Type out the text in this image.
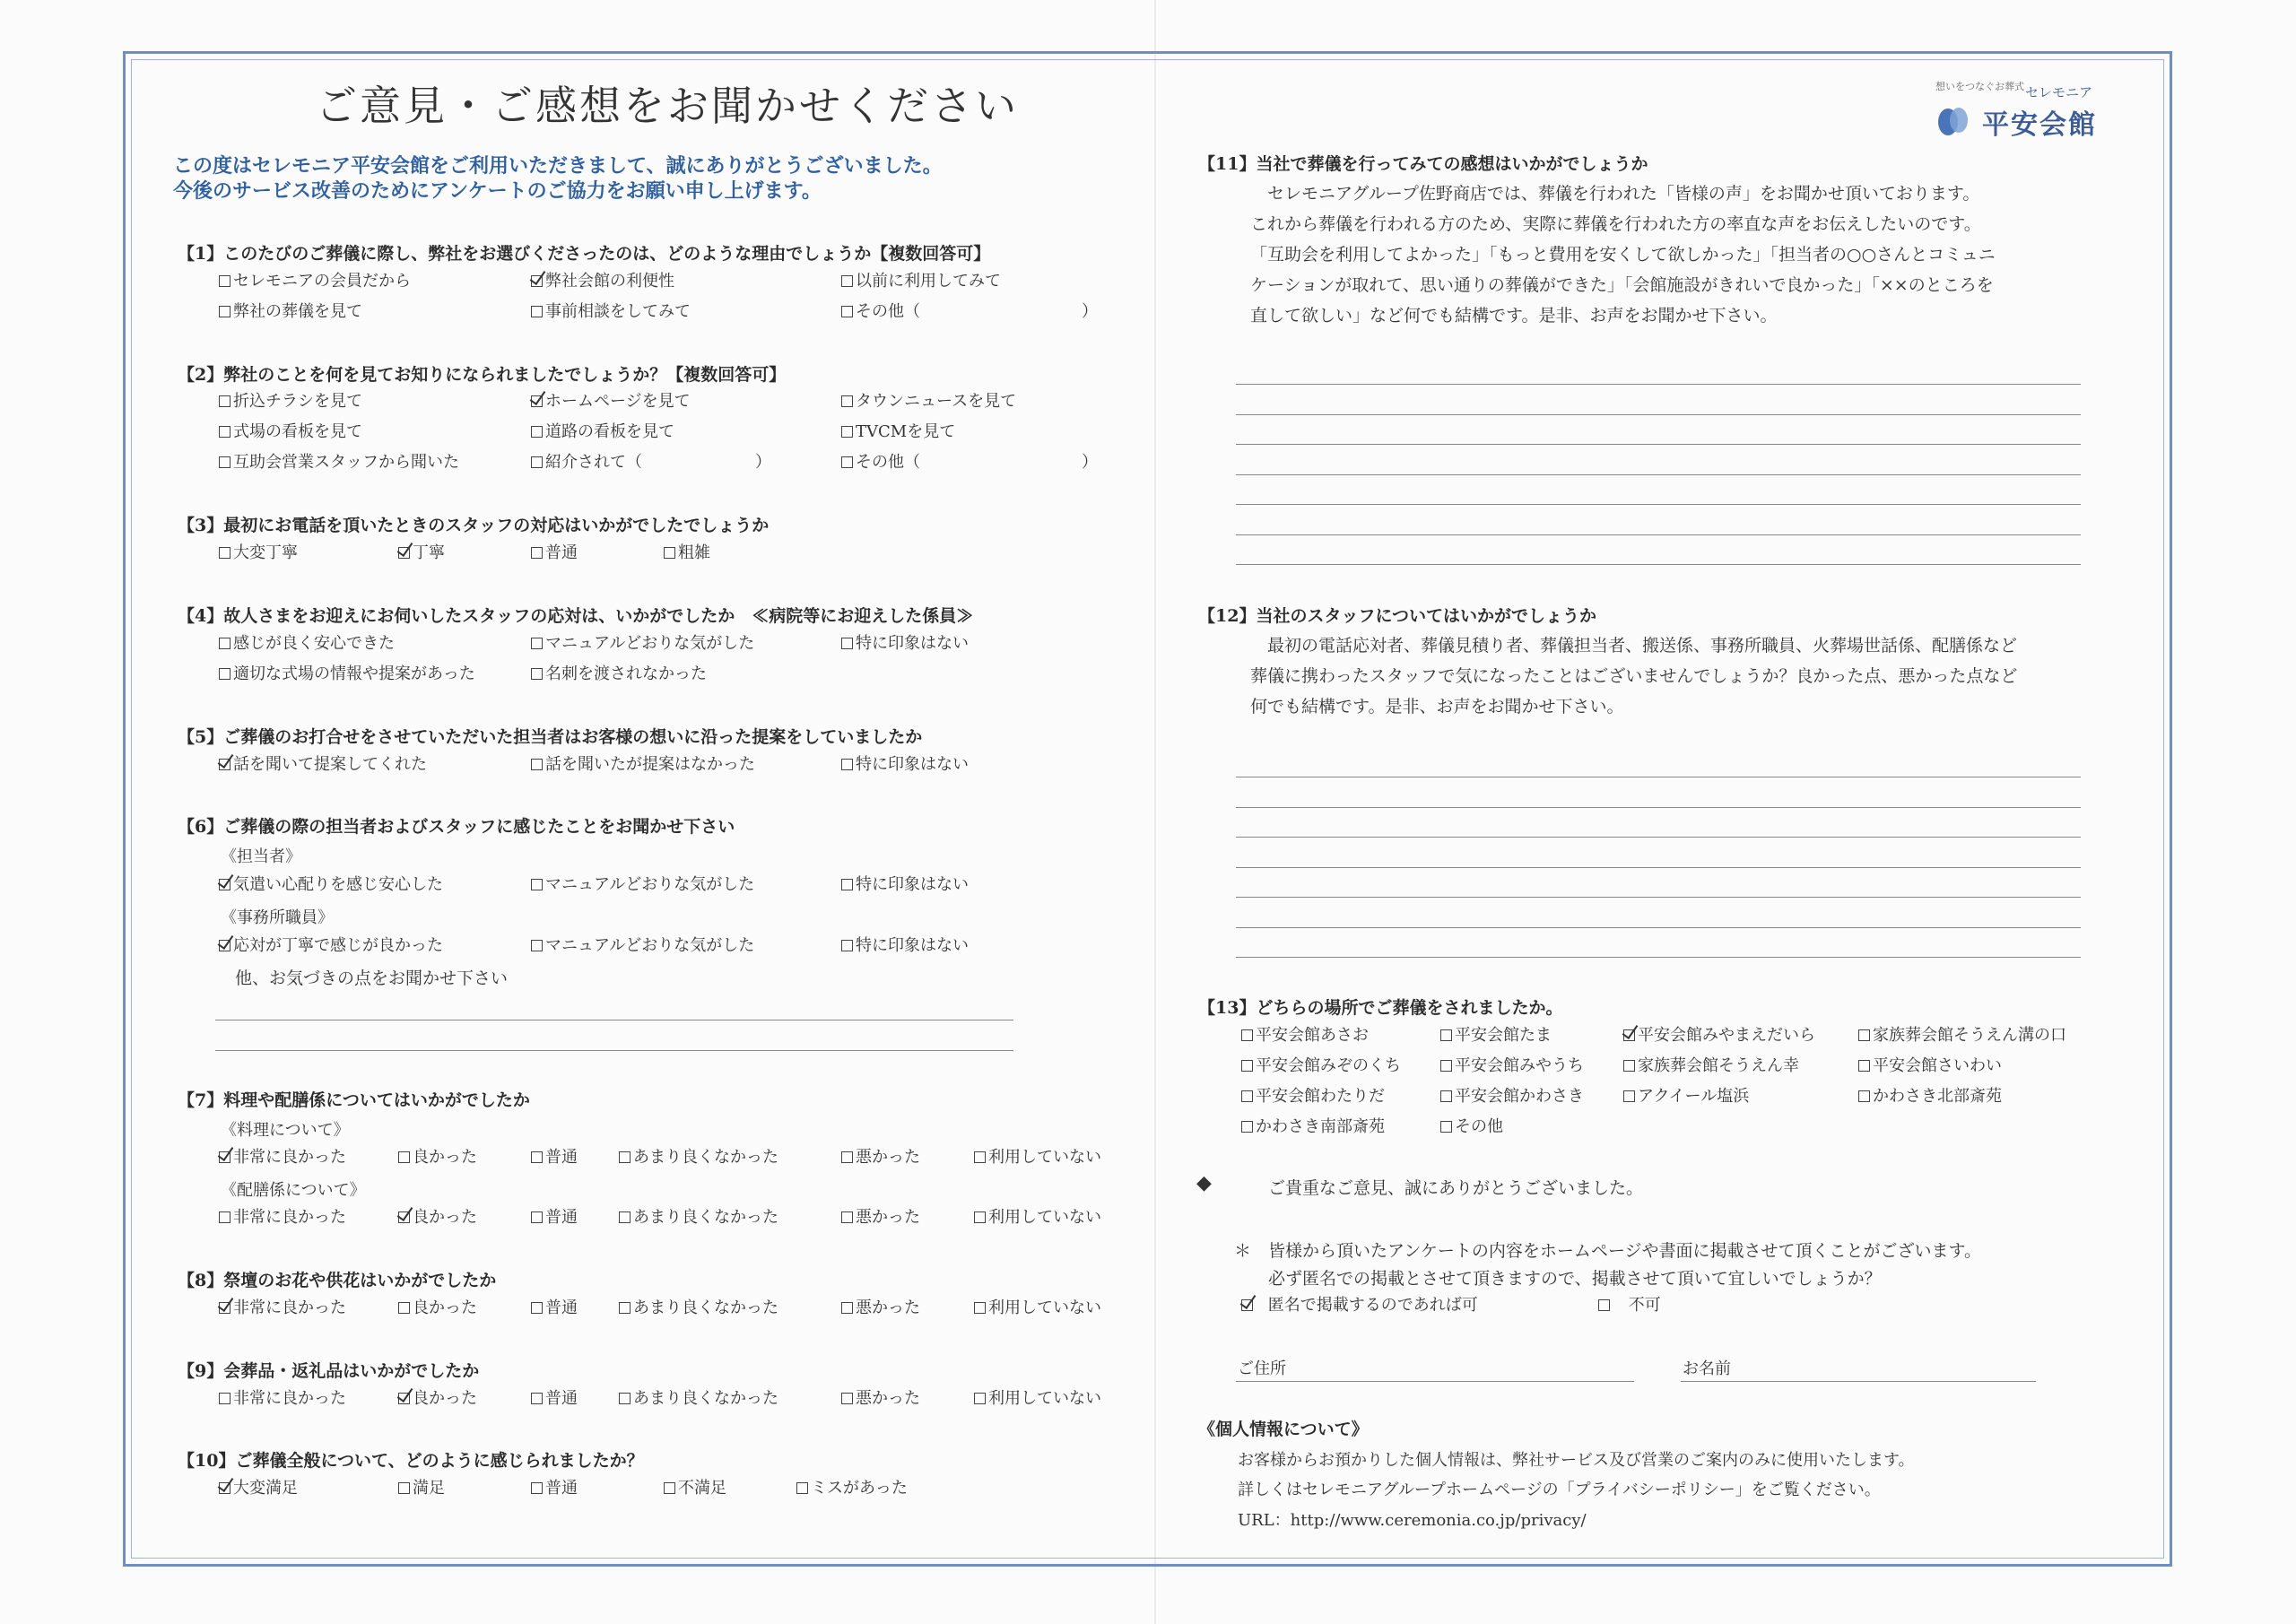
ご意見・ご感想をお聞かせください
この度はセレモニア平安会館をご利用いただきまして、誠にありがとうございました。
今後のサービス改善のためにアンケートのご協力をお願い申し上げます。
想いをつなぐお葬式 セレモニア
平安会館
【1】このたびのご葬儀に際し、弊社をお選びくださったのは、どのような理由でしょうか【複数回答可】
セレモニアの会員だから	弊社会館の利便性	以前に利用してみて
弊社の葬儀を見て	事前相談をしてみて	その他（　　　　　　　　　　）
【2】弊社のことを何を見てお知りになられましたでしょうか？【複数回答可】
折込チラシを見て	ホームページを見て	タウンニュースを見て
式場の看板を見て	道路の看板を見て	TVCMを見て
互助会営業スタッフから聞いた	紹介されて（　　　　　　　）	その他（　　　　　　　　　　）
【3】最初にお電話を頂いたときのスタッフの対応はいかがでしたでしょうか
大変丁寧	丁寧	普通	粗雑
【4】故人さまをお迎えにお伺いしたスタッフの応対は、いかがでしたか　≪病院等にお迎えした係員≫
感じが良く安心できた	マニュアルどおりな気がした	特に印象はない
適切な式場の情報や提案があった	名刺を渡されなかった
【5】ご葬儀のお打合せをさせていただいた担当者はお客様の想いに沿った提案をしていましたか
話を聞いて提案してくれた	話を聞いたが提案はなかった	特に印象はない
【6】ご葬儀の際の担当者およびスタッフに感じたことをお聞かせ下さい
《担当者》
気遣い心配りを感じ安心した	マニュアルどおりな気がした	特に印象はない
《事務所職員》
応対が丁寧で感じが良かった	マニュアルどおりな気がした	特に印象はない
他、お気づきの点をお聞かせ下さい
【7】料理や配膳係についてはいかがでしたか
《料理について》
非常に良かった	良かった	普通	あまり良くなかった	悪かった	利用していない
《配膳係について》
非常に良かった	良かった	普通	あまり良くなかった	悪かった	利用していない
【8】祭壇のお花や供花はいかがでしたか
非常に良かった	良かった	普通	あまり良くなかった	悪かった	利用していない
【9】会葬品・返礼品はいかがでしたか
非常に良かった	良かった	普通	あまり良くなかった	悪かった	利用していない
【10】ご葬儀全般について、どのように感じられましたか？
大変満足	満足	普通	不満足	ミスがあった
【11】当社で葬儀を行ってみての感想はいかがでしょうか
　セレモニアグループ佐野商店では、葬儀を行われた「皆様の声」をお聞かせ頂いております。
これから葬儀を行われる方のため、実際に葬儀を行われた方の率直な声をお伝えしたいのです。
「互助会を利用してよかった」「もっと費用を安くして欲しかった」「担当者の○○さんとコミュニ
ケーションが取れて、思い通りの葬儀ができた」「会館施設がきれいで良かった」「××のところを
直して欲しい」など何でも結構です。是非、お声をお聞かせ下さい。
【12】当社のスタッフについてはいかがでしょうか
　最初の電話応対者、葬儀見積り者、葬儀担当者、搬送係、事務所職員、火葬場世話係、配膳係など
葬儀に携わったスタッフで気になったことはございませんでしょうか？良かった点、悪かった点など
何でも結構です。是非、お声をお聞かせ下さい。
【13】どちらの場所でご葬儀をされましたか。
平安会館あさお	平安会館たま	平安会館みやまえだいら	家族葬会館そうえん溝の口
平安会館みぞのくち	平安会館みやうち	家族葬会館そうえん幸	平安会館さいわい
平安会館わたりだ	平安会館かわさき	アクイール塩浜	かわさき北部斎苑
かわさき南部斎苑	その他
◆	ご貴重なご意見、誠にありがとうございました。
＊　皆様から頂いたアンケートの内容をホームページや書面に掲載させて頂くことがございます。
必ず匿名での掲載とさせて頂きますので、掲載させて頂いて宜しいでしょうか？
匿名で掲載するのであれば可	不可
ご住所	お名前
《個人情報について》
お客様からお預かりした個人情報は、弊社サービス及び営業のご案内のみに使用いたします。
詳しくはセレモニアグループホームページの「プライバシーポリシー」をご覧ください。
URL：http://www.ceremonia.co.jp/privacy/
